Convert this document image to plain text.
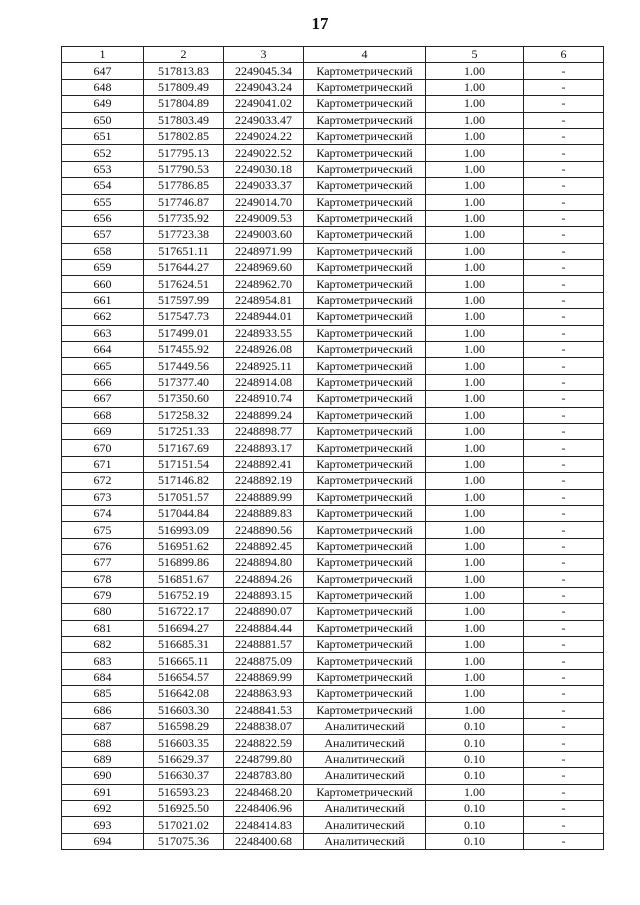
17
1	2	3	4	5	6
647	517813.83	2249045.34	Картометрический	1.00	-
648	517809.49	2249043.24	Картометрический	1.00	-
649	517804.89	2249041.02	Картометрический	1.00	-
650	517803.49	2249033.47	Картометрический	1.00	-
651	517802.85	2249024.22	Картометрический	1.00	-
652	517795.13	2249022.52	Картометрический	1.00	-
653	517790.53	2249030.18	Картометрический	1.00	-
654	517786.85	2249033.37	Картометрический	1.00	-
655	517746.87	2249014.70	Картометрический	1.00	-
656	517735.92	2249009.53	Картометрический	1.00	-
657	517723.38	2249003.60	Картометрический	1.00	-
658	517651.11	2248971.99	Картометрический	1.00	-
659	517644.27	2248969.60	Картометрический	1.00	-
660	517624.51	2248962.70	Картометрический	1.00	-
661	517597.99	2248954.81	Картометрический	1.00	-
662	517547.73	2248944.01	Картометрический	1.00	-
663	517499.01	2248933.55	Картометрический	1.00	-
664	517455.92	2248926.08	Картометрический	1.00	-
665	517449.56	2248925.11	Картометрический	1.00	-
666	517377.40	2248914.08	Картометрический	1.00	-
667	517350.60	2248910.74	Картометрический	1.00	-
668	517258.32	2248899.24	Картометрический	1.00	-
669	517251.33	2248898.77	Картометрический	1.00	-
670	517167.69	2248893.17	Картометрический	1.00	-
671	517151.54	2248892.41	Картометрический	1.00	-
672	517146.82	2248892.19	Картометрический	1.00	-
673	517051.57	2248889.99	Картометрический	1.00	-
674	517044.84	2248889.83	Картометрический	1.00	-
675	516993.09	2248890.56	Картометрический	1.00	-
676	516951.62	2248892.45	Картометрический	1.00	-
677	516899.86	2248894.80	Картометрический	1.00	-
678	516851.67	2248894.26	Картометрический	1.00	-
679	516752.19	2248893.15	Картометрический	1.00	-
680	516722.17	2248890.07	Картометрический	1.00	-
681	516694.27	2248884.44	Картометрический	1.00	-
682	516685.31	2248881.57	Картометрический	1.00	-
683	516665.11	2248875.09	Картометрический	1.00	-
684	516654.57	2248869.99	Картометрический	1.00	-
685	516642.08	2248863.93	Картометрический	1.00	-
686	516603.30	2248841.53	Картометрический	1.00	-
687	516598.29	2248838.07	Аналитический	0.10	-
688	516603.35	2248822.59	Аналитический	0.10	-
689	516629.37	2248799.80	Аналитический	0.10	-
690	516630.37	2248783.80	Аналитический	0.10	-
691	516593.23	2248468.20	Картометрический	1.00	-
692	516925.50	2248406.96	Аналитический	0.10	-
693	517021.02	2248414.83	Аналитический	0.10	-
694	517075.36	2248400.68	Аналитический	0.10	-
